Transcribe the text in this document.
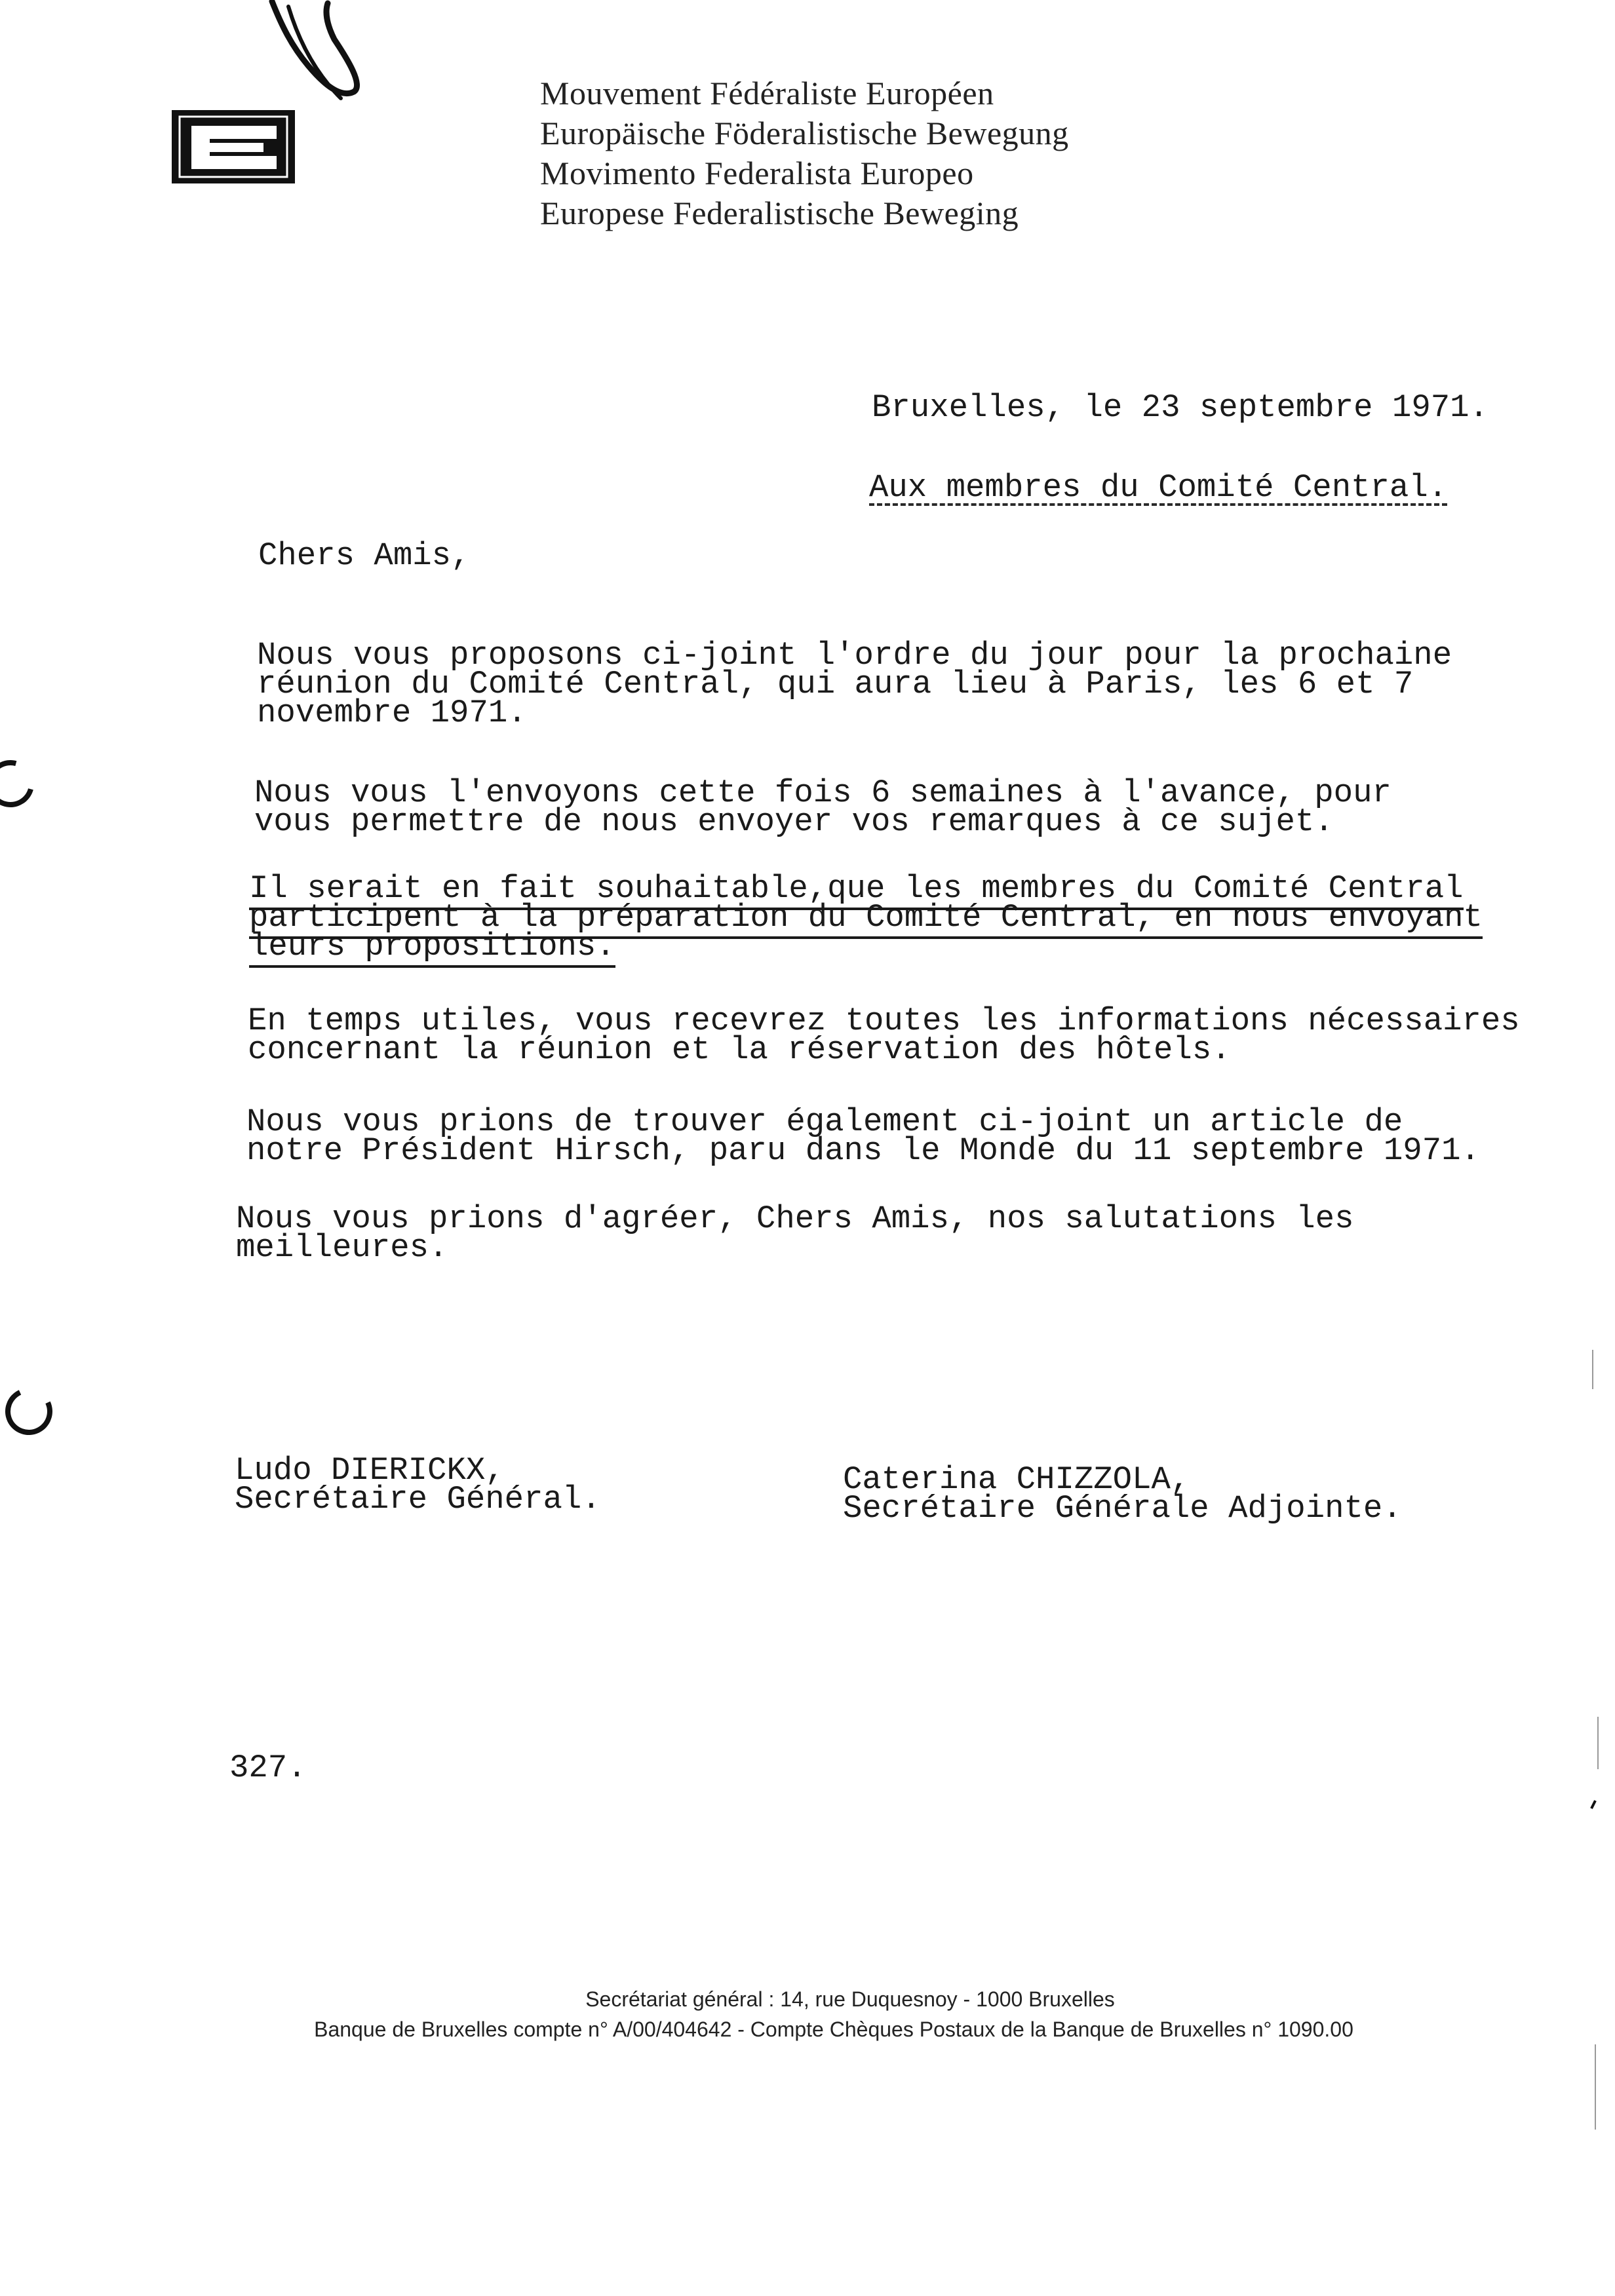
Mouvement Fédéraliste Européen
Europäische Föderalistische Bewegung
Movimento Federalista Europeo
Europese Federalistische Beweging
Bruxelles, le 23 septembre 1971.
Aux membres du Comité Central.
Chers Amis,

Nous vous proposons ci-joint l'ordre du jour pour la prochaine

réunion du Comité Central, qui aura lieu à Paris, les 6 et 7

novembre 1971.

Nous vous l'envoyons cette fois 6 semaines à l'avance, pour

vous permettre de nous envoyer vos remarques à ce sujet.

Il serait en fait souhaitable,que les membres du Comité Central

participent à la préparation du Comité Central, en nous envoyant

leurs propositions.

En temps utiles, vous recevrez toutes les informations nécessaires

concernant la réunion et la réservation des hôtels.

Nous vous prions de trouver également ci-joint un article de

notre Président Hirsch, paru dans le Monde du 11 septembre 1971.

Nous vous prions d'agréer, Chers Amis, nos salutations les

meilleures.

Ludo DIERICKX,
Secrétaire Général.
Caterina CHIZZOLA,
Secrétaire Générale Adjointe.
327.
Secrétariat général : 14, rue Duquesnoy - 1000 Bruxelles
Banque de Bruxelles compte n° A/00/404642 - Compte Chèques Postaux de la Banque de Bruxelles n° 1090.00
